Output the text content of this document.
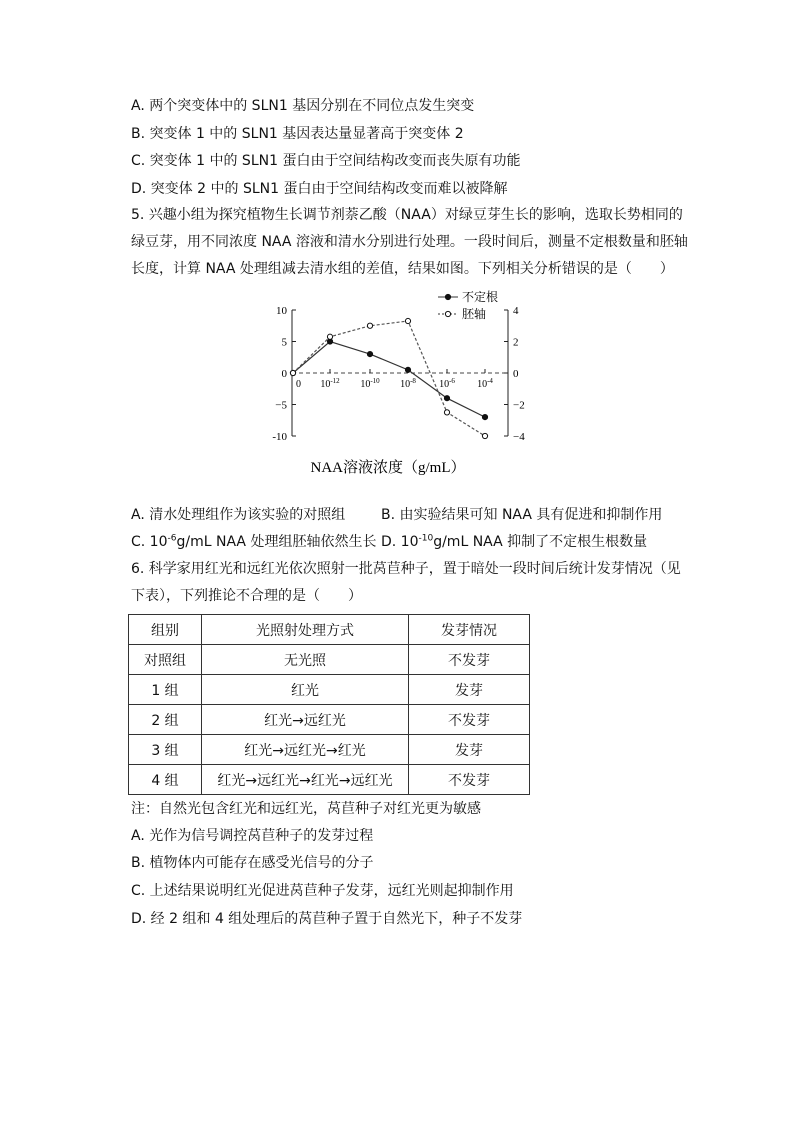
A. 两个突变体中的 SLN1 基因分别在不同位点发生突变
B. 突变体 1 中的 SLN1 基因表达量显著高于突变体 2
C. 突变体 1 中的 SLN1 蛋白由于空间结构改变而丧失原有功能
D. 突变体 2 中的 SLN1 蛋白由于空间结构改变而难以被降解
5. 兴趣小组为探究植物生长调节剂萘乙酸（NAA）对绿豆芽生长的影响，选取长势相同的绿豆芽，用不同浓度 NAA 溶液和清水分别进行处理。一段时间后，测量不定根数量和胚轴长度，计算 NAA 处理组减去清水组的差值，结果如图。下列相关分析错误的是（　　）
10
5
0
−5
-10
4
2
0
−2
−4
0 $10^{-12}$ $10^{-10}$ $10^{-8}$ $10^{-6}$ $10^{-4}$
不定根
胚轴
NAA溶液浓度（g/mL）
A. 清水处理组作为该实验的对照组	B. 由实验结果可知 NAA 具有促进和抑制作用
C. $10^{-6}g/mL$ NAA 处理组胚轴依然生长 D. $10^{-10}g/mL$ NAA 抑制了不定根生根数量
6. 科学家用红光和远红光依次照射一批莴苣种子，置于暗处一段时间后统计发芽情况（见下表），下列推论不合理的是（　　）
组别	光照射处理方式	发芽情况
对照组	无光照	不发芽
1 组	红光	发芽
2 组	红光→远红光	不发芽
3 组	红光→远红光→红光	发芽
4 组	红光→远红光→红光→远红光	不发芽
注：自然光包含红光和远红光，莴苣种子对红光更为敏感
A. 光作为信号调控莴苣种子的发芽过程
B. 植物体内可能存在感受光信号的分子
C. 上述结果说明红光促进莴苣种子发芽，远红光则起抑制作用
D. 经 2 组和 4 组处理后的莴苣种子置于自然光下，种子不发芽
